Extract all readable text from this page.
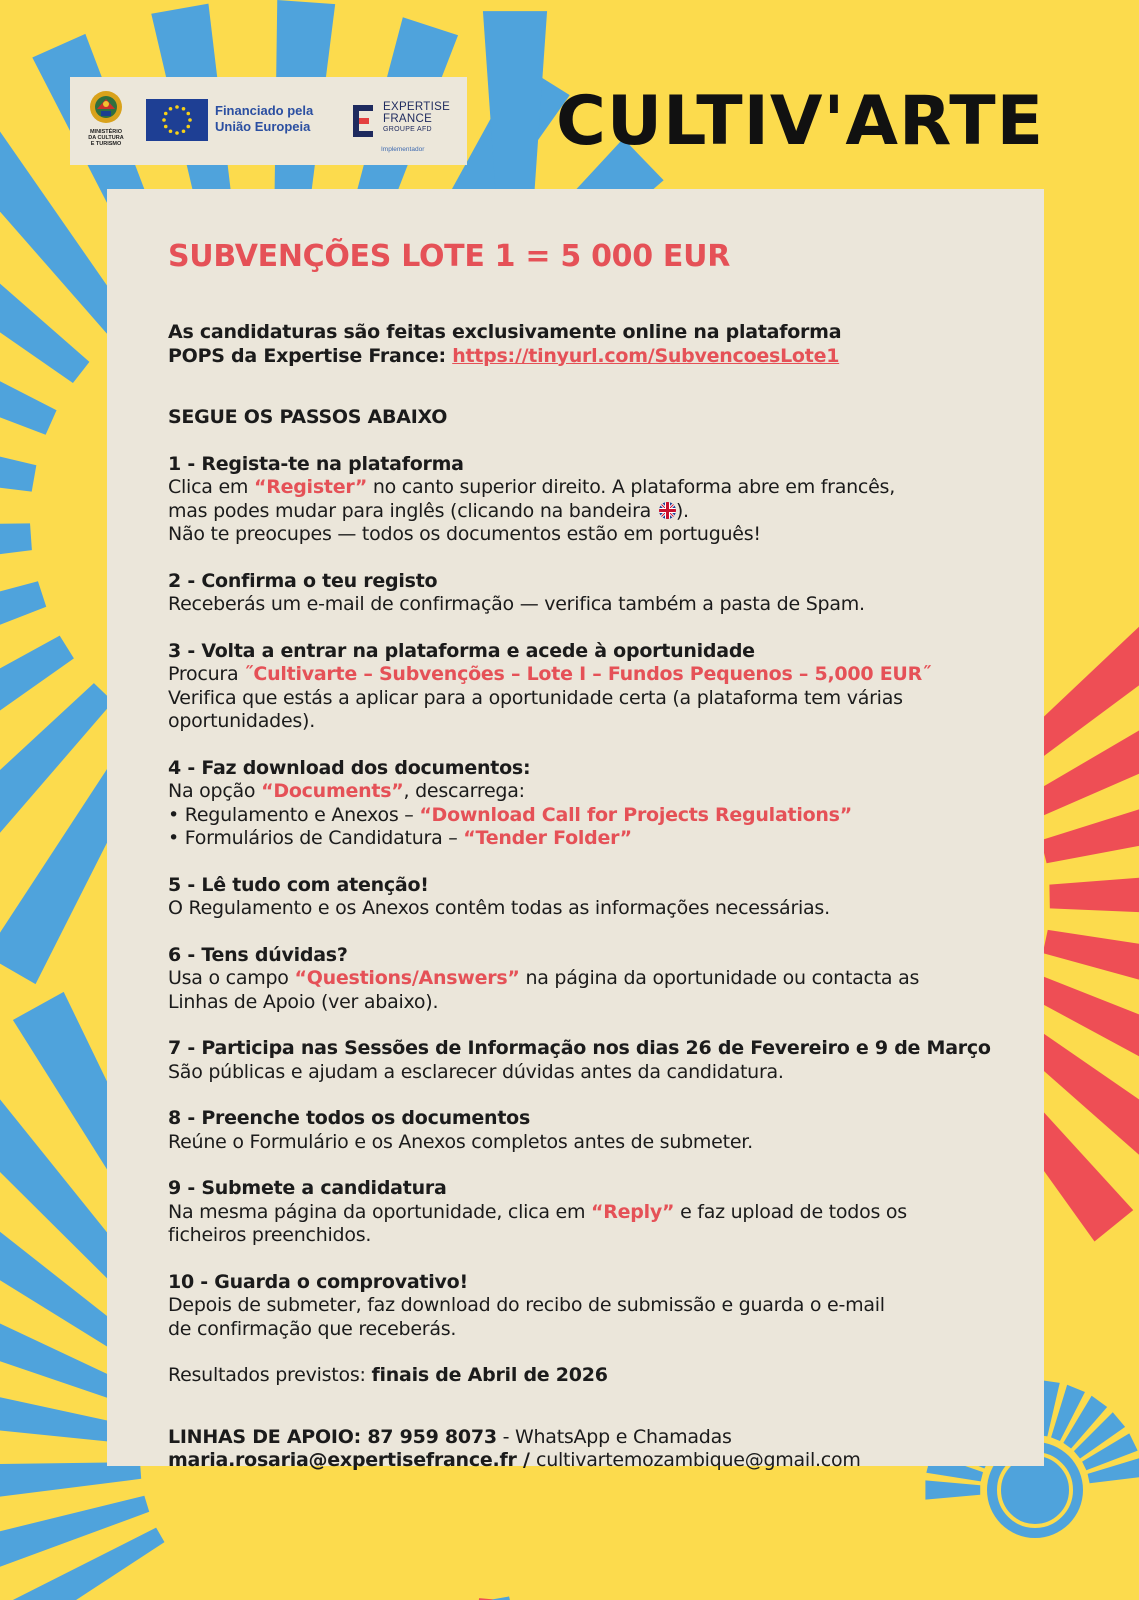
MINISTÉRIO
DA CULTURA
E TURISMO
Financiado pela
União Europeia
EXPERTISE
FRANCE
GROUPE AFD
Implementador CULTIV'ARTE
SUBVENÇÕES LOTE 1 = 5 000 EUR

As candidaturas são feitas exclusivamente online na plataforma

POPS da Expertise France: https://tinyurl.com/SubvencoesLote1

SEGUE OS PASSOS ABAIXO

1 - Regista-te na plataforma

Clica em “Register” no canto superior direito. A plataforma abre em francês,

mas podes mudar para inglês (clicando na bandeira ).

Não te preocupes — todos os documentos estão em português!

2 - Confirma o teu registo

Receberás um e-mail de confirmação — verifica também a pasta de Spam.

3 - Volta a entrar na plataforma e acede à oportunidade

Procura ˝Cultivarte – Subvenções – Lote I – Fundos Pequenos – 5,000 EUR˝

Verifica que estás a aplicar para a oportunidade certa (a plataforma tem várias

oportunidades).

4 - Faz download dos documentos:

Na opção “Documents”, descarrega:

• Regulamento e Anexos – “Download Call for Projects Regulations”

• Formulários de Candidatura – “Tender Folder”

5 - Lê tudo com atenção!

O Regulamento e os Anexos contêm todas as informações necessárias.

6 - Tens dúvidas?

Usa o campo “Questions/Answers” na página da oportunidade ou contacta as

Linhas de Apoio (ver abaixo).

7 - Participa nas Sessões de Informação nos dias 26 de Fevereiro e 9 de Março

São públicas e ajudam a esclarecer dúvidas antes da candidatura.

8 - Preenche todos os documentos

Reúne o Formulário e os Anexos completos antes de submeter.

9 - Submete a candidatura

Na mesma página da oportunidade, clica em “Reply” e faz upload de todos os

ficheiros preenchidos.

10 - Guarda o comprovativo!

Depois de submeter, faz download do recibo de submissão e guarda o e-mail

de confirmação que receberás.

Resultados previstos: finais de Abril de 2026

LINHAS DE APOIO: 87 959 8073 - WhatsApp e Chamadas

maria.rosaria@expertisefrance.fr / cultivartemozambique@gmail.com
